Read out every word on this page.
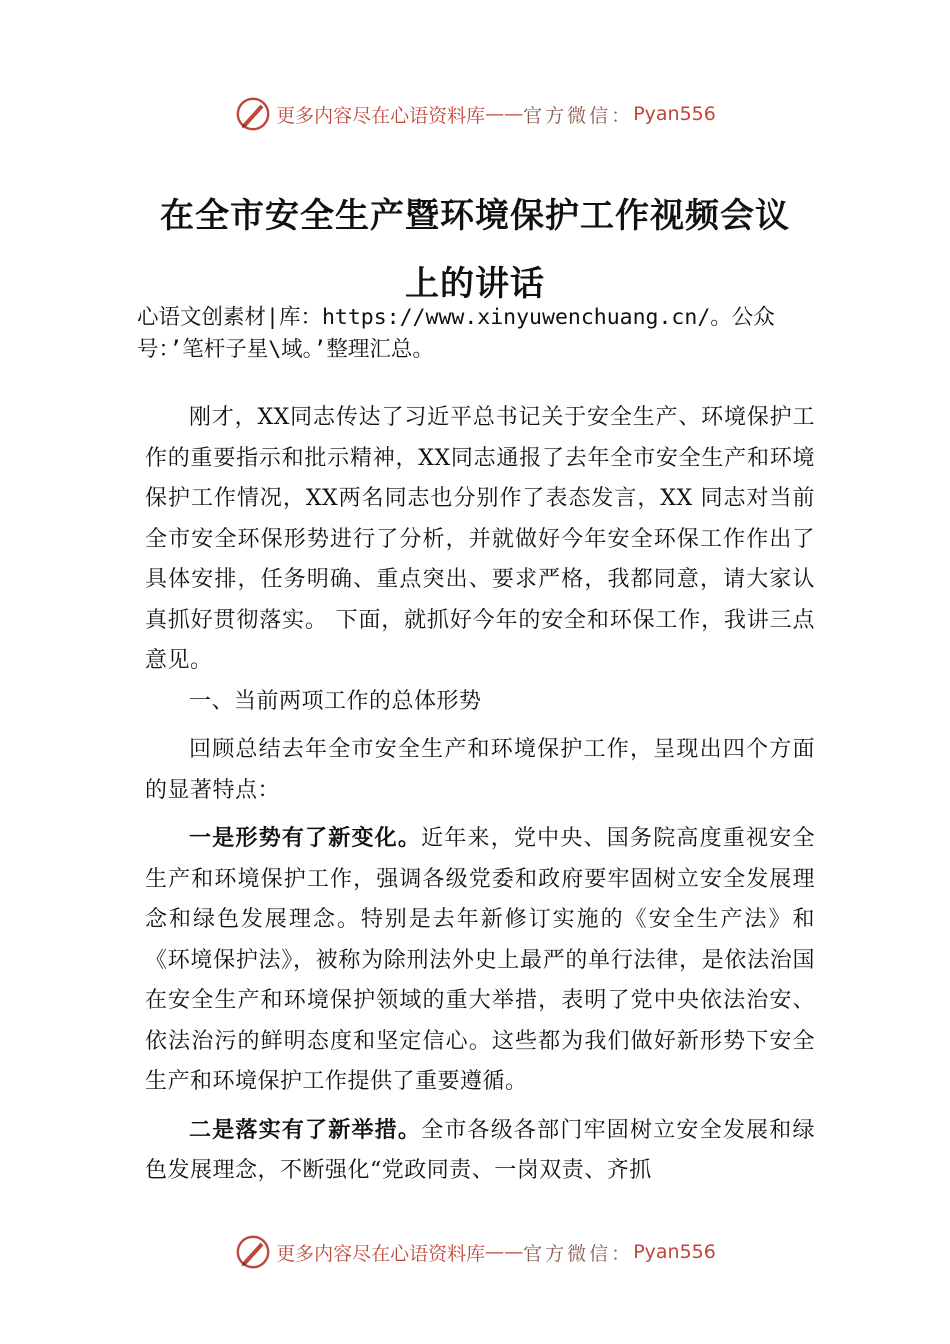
更多内容尽在心语资料库 —— 官方微信： Pyan556
在全市安全生产暨环境保护工作视频会议
上的讲话
心语文创素材|库：https://www.xinyuwenchuang.cn/。公众号：’笔杆子星\域。’整理汇总。

刚才，XX同志传达了习近平总书记关于安全生产、环境保护工作的重要指示和批示精神，XX同志通报了去年全市安全生产和环境保护工作情况，XX两名同志也分别作了表态发言，XX 同志对当前全市安全环保形势进行了分析，并就做好今年安全环保工作作出了具体安排，任务明确、重点突出、要求严格，我都同意，请大家认真抓好贯彻落实。 下面，就抓好今年的安全和环保工作，我讲三点意见。

一、当前两项工作的总体形势

回顾总结去年全市安全生产和环境保护工作，呈现出四个方面的显著特点：

一是形势有了新变化。近年来，党中央、国务院高度重视安全生产和环境保护工作，强调各级党委和政府要牢固树立安全发展理念和绿色发展理念。特别是去年新修订实施的《安全生产法》和《环境保护法》，被称为除刑法外史上最严的单行法律，是依法治国在安全生产和环境保护领域的重大举措，表明了党中央依法治安、依法治污的鲜明态度和坚定信心。这些都为我们做好新形势下安全生产和环境保护工作提供了重要遵循。

二是落实有了新举措。全市各级各部门牢固树立安全发展和绿色发展理念，不断强化“党政同责、一岗双责、齐抓

更多内容尽在心语资料库 —— 官方微信： Pyan556
